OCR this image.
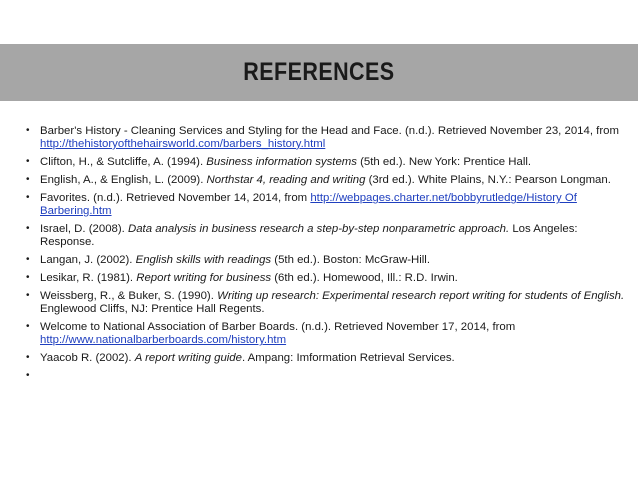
REFERENCES
• Barber's History - Cleaning Services and Styling for the Head and Face. (n.d.). Retrieved November 23, 2014, from http://thehistoryofthehairsworld.com/barbers_history.html
• Clifton, H., & Sutcliffe, A. (1994). Business information systems (5th ed.). New York: Prentice Hall.
• English, A., & English, L. (2009). Northstar 4, reading and writing (3rd ed.). White Plains, N.Y.: Pearson Longman.
• Favorites. (n.d.). Retrieved November 14, 2014, from http://webpages.charter.net/bobbyrutledge/History Of Barbering.htm
• Israel, D. (2008). Data analysis in business research a step-by-step nonparametric approach. Los Angeles: Response.
• Langan, J. (2002). English skills with readings (5th ed.). Boston: McGraw-Hill.
• Lesikar, R. (1981). Report writing for business (6th ed.). Homewood, Ill.: R.D. Irwin.
• Weissberg, R., & Buker, S. (1990). Writing up research: Experimental research report writing for students of English. Englewood Cliffs, NJ: Prentice Hall Regents.
• Welcome to National Association of Barber Boards. (n.d.). Retrieved November 17, 2014, from http://www.nationalbarberboards.com/history.htm
• Yaacob R. (2002). A report writing guide. Ampang: Imformation Retrieval Services.
•
